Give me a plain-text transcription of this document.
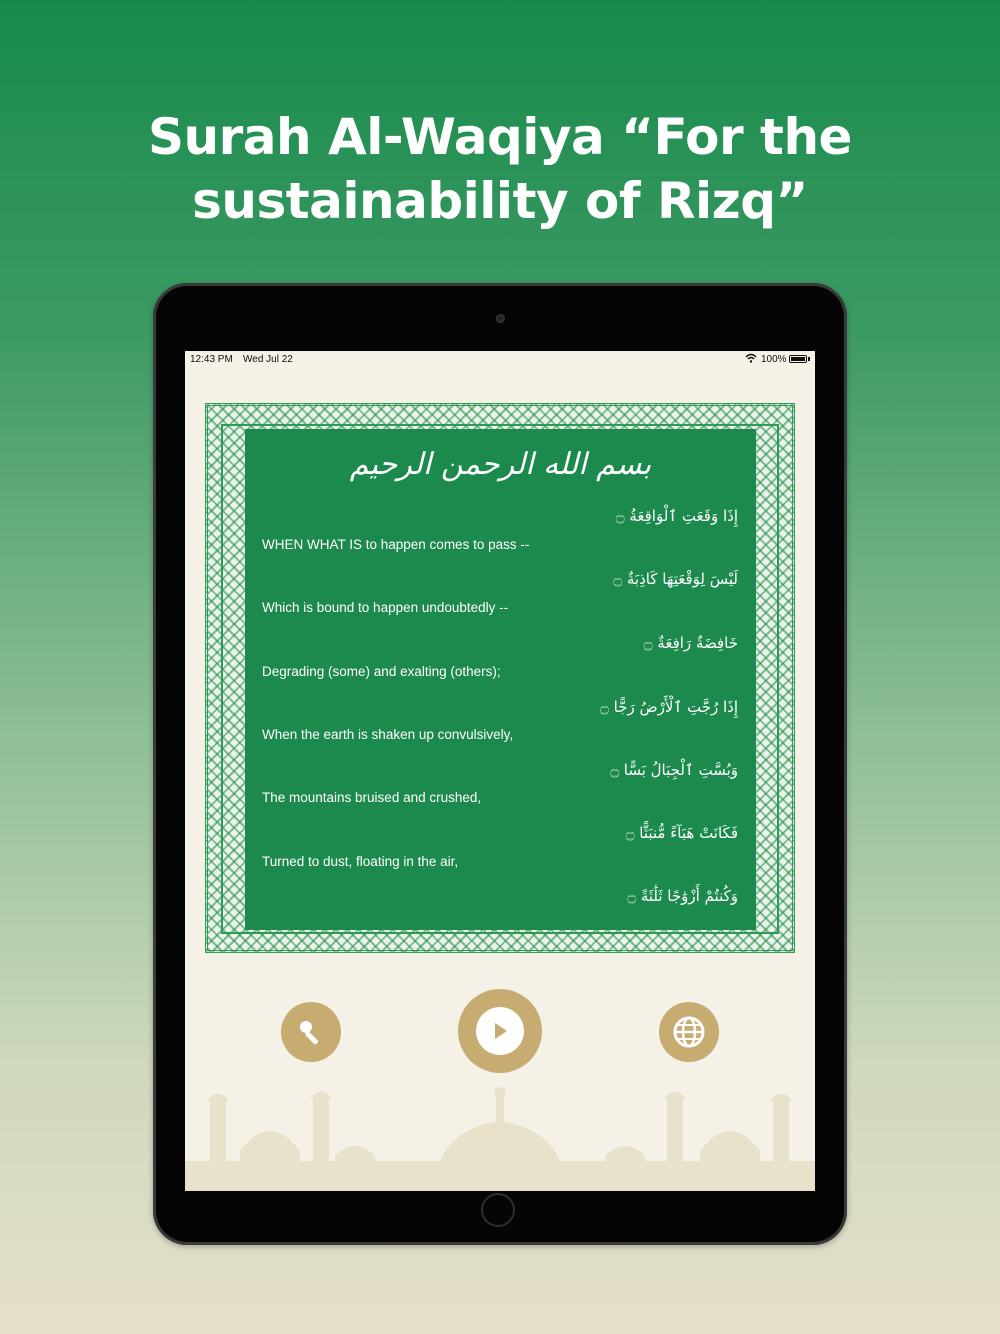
Surah Al-Waqiya “For the
sustainability of Rizq”
12:43 PM Wed Jul 22	100%
بسم الله الرحمن الرحيم
إِذَا وَقَعَتِ ٱلْوَاقِعَةُ ۝
WHEN WHAT IS to happen comes to pass --
لَيْسَ لِوَقْعَتِهَا كَاذِبَةٌ ۝
Which is bound to happen undoubtedly --
خَافِضَةٌ رَافِعَةٌ ۝
Degrading (some) and exalting (others);
إِذَا رُجَّتِ ٱلْأَرْضُ رَجًّا ۝
When the earth is shaken up convulsively,
وَبُسَّتِ ٱلْجِبَالُ بَسًّا ۝
The mountains bruised and crushed,
فَكَانَتْ هَبَآءً مُّنبَثًّا ۝
Turned to dust, floating in the air,
وَكُنتُمْ أَزْوَٰجًا ثَلَٰثَةً ۝
